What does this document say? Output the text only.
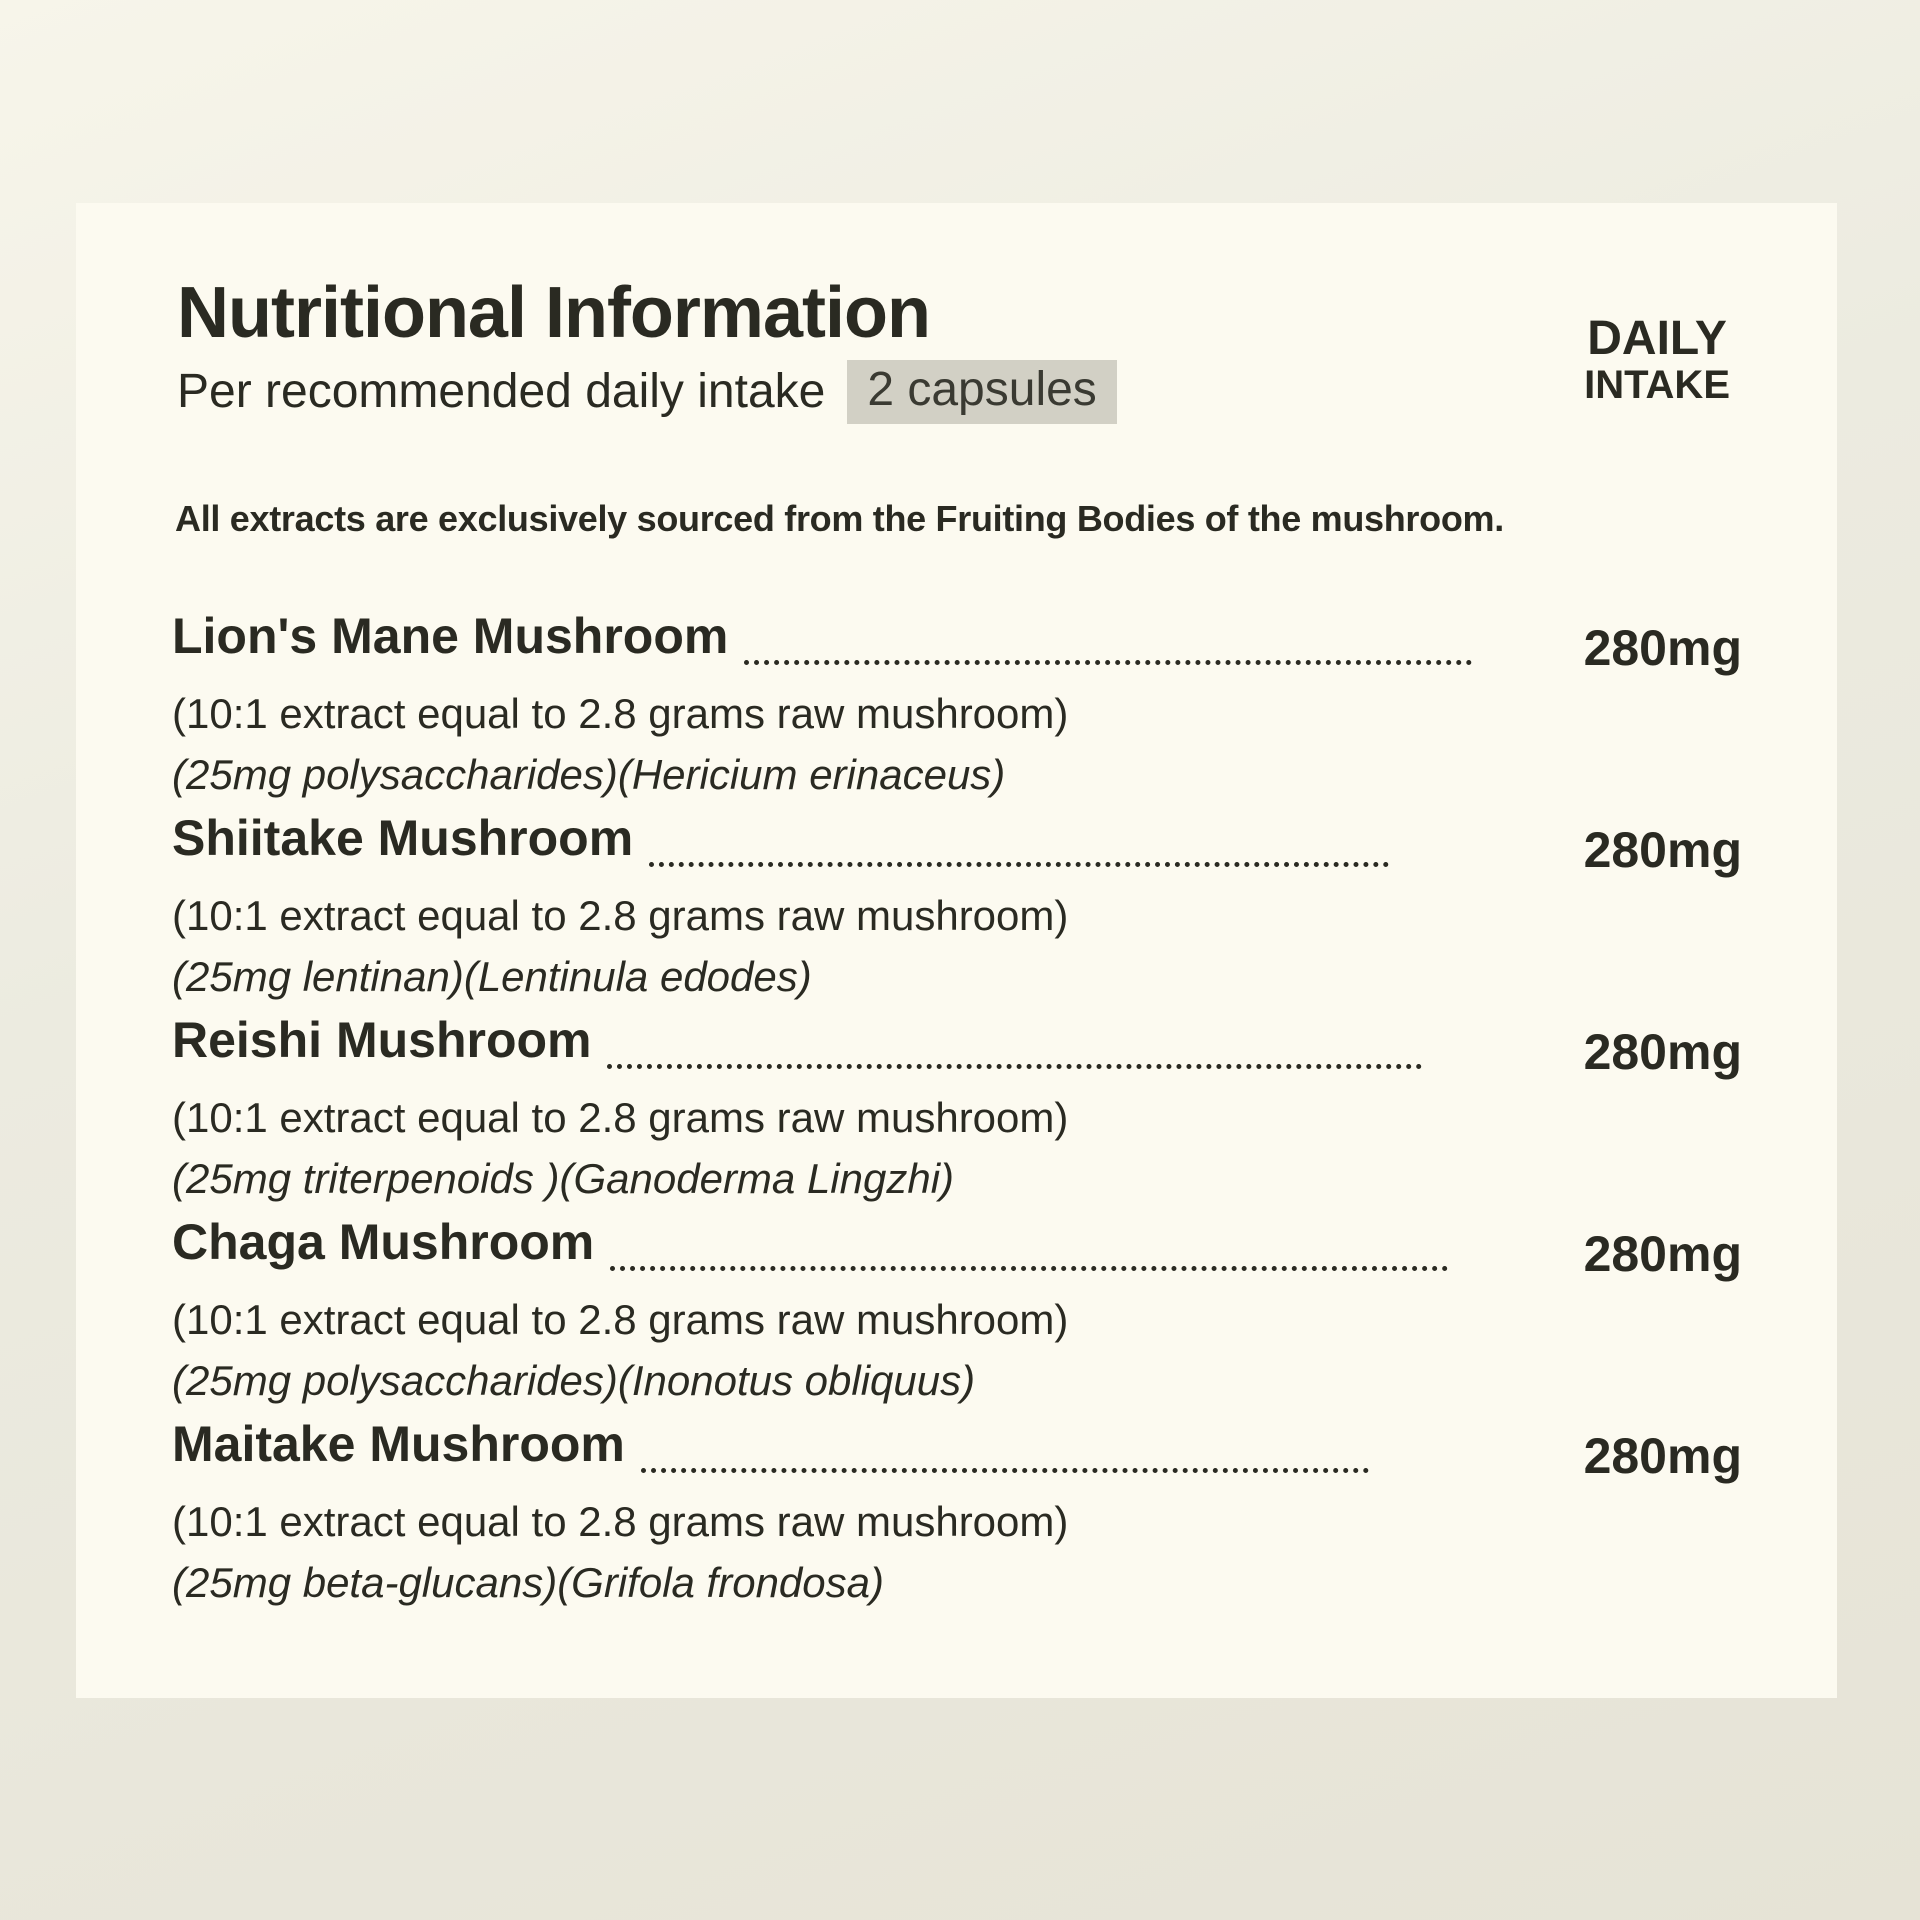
Nutritional Information
Per recommended daily intake 2 capsules
DAILY
INTAKE

All extracts are exclusively sourced from the Fruiting Bodies of the mushroom.

Lion's Mane Mushroom	280mg
(10:1 extract equal to 2.8 grams raw mushroom)
(25mg polysaccharides)(Hericium erinaceus)
Shiitake Mushroom	280mg
(10:1 extract equal to 2.8 grams raw mushroom)
(25mg lentinan)(Lentinula edodes)
Reishi Mushroom	280mg
(10:1 extract equal to 2.8 grams raw mushroom)
(25mg triterpenoids )(Ganoderma Lingzhi)
Chaga Mushroom	280mg
(10:1 extract equal to 2.8 grams raw mushroom)
(25mg polysaccharides)(Inonotus obliquus)
Maitake Mushroom	280mg
(10:1 extract equal to 2.8 grams raw mushroom)
(25mg beta-glucans)(Grifola frondosa)
